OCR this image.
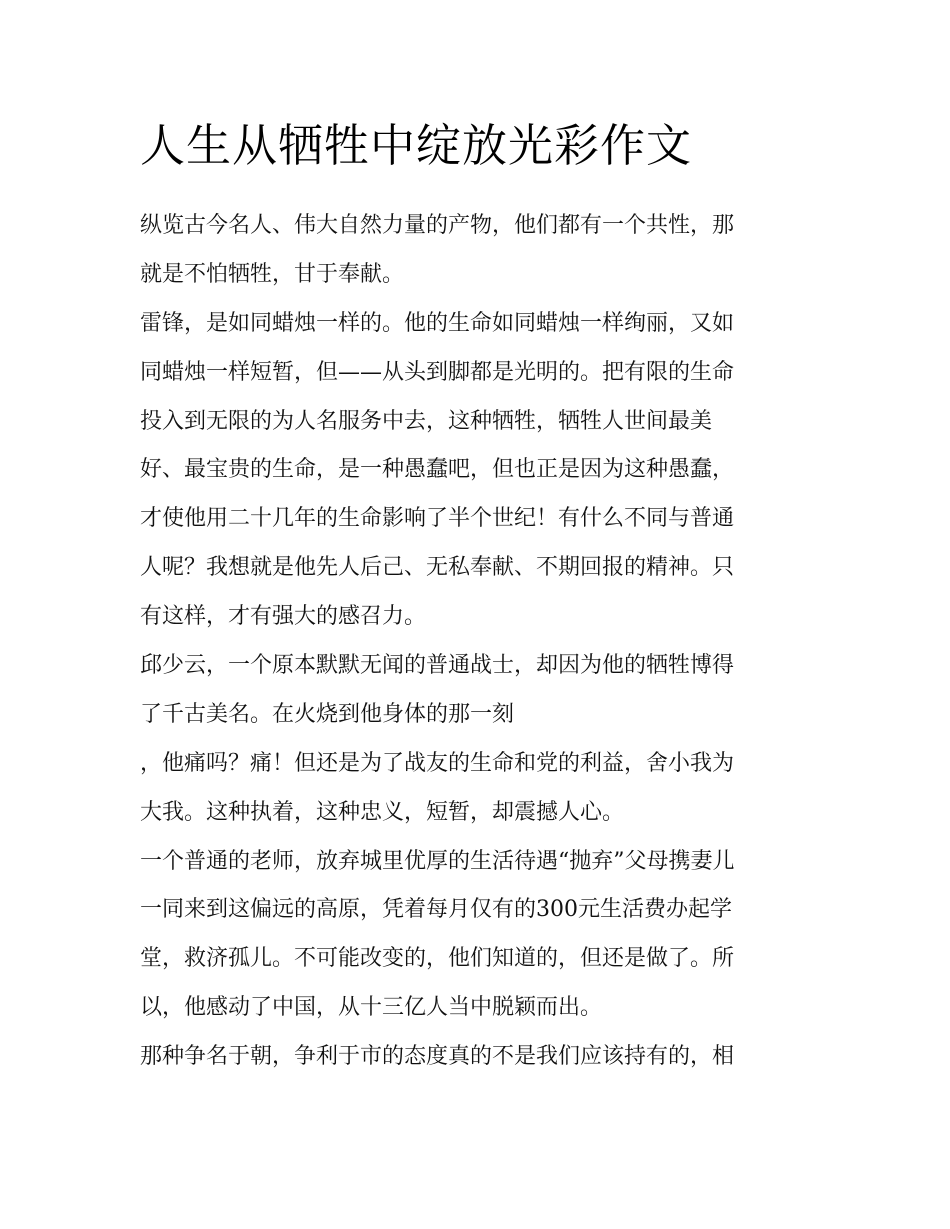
人生从牺牲中绽放光彩作文
纵览古今名人、伟大自然力量的产物，他们都有一个共性，那
就是不怕牺牲，甘于奉献。
雷锋，是如同蜡烛一样的。他的生命如同蜡烛一样绚丽，又如
同蜡烛一样短暂，但——从头到脚都是光明的。把有限的生命
投入到无限的为人名服务中去，这种牺牲，牺牲人世间最美
好、最宝贵的生命，是一种愚蠢吧，但也正是因为这种愚蠢，
才使他用二十几年的生命影响了半个世纪！有什么不同与普通
人呢？我想就是他先人后己、无私奉献、不期回报的精神。只
有这样，才有强大的感召力。
邱少云，一个原本默默无闻的普通战士，却因为他的牺牲博得
了千古美名。在火烧到他身体的那一刻
，他痛吗？痛！但还是为了战友的生命和党的利益，舍小我为
大我。这种执着，这种忠义，短暂，却震撼人心。
一个普通的老师，放弃城里优厚的生活待遇“抛弃”父母携妻儿
一同来到这偏远的高原，凭着每月仅有的300元生活费办起学
堂，救济孤儿。不可能改变的，他们知道的，但还是做了。所
以，他感动了中国，从十三亿人当中脱颖而出。
那种争名于朝，争利于市的态度真的不是我们应该持有的，相
